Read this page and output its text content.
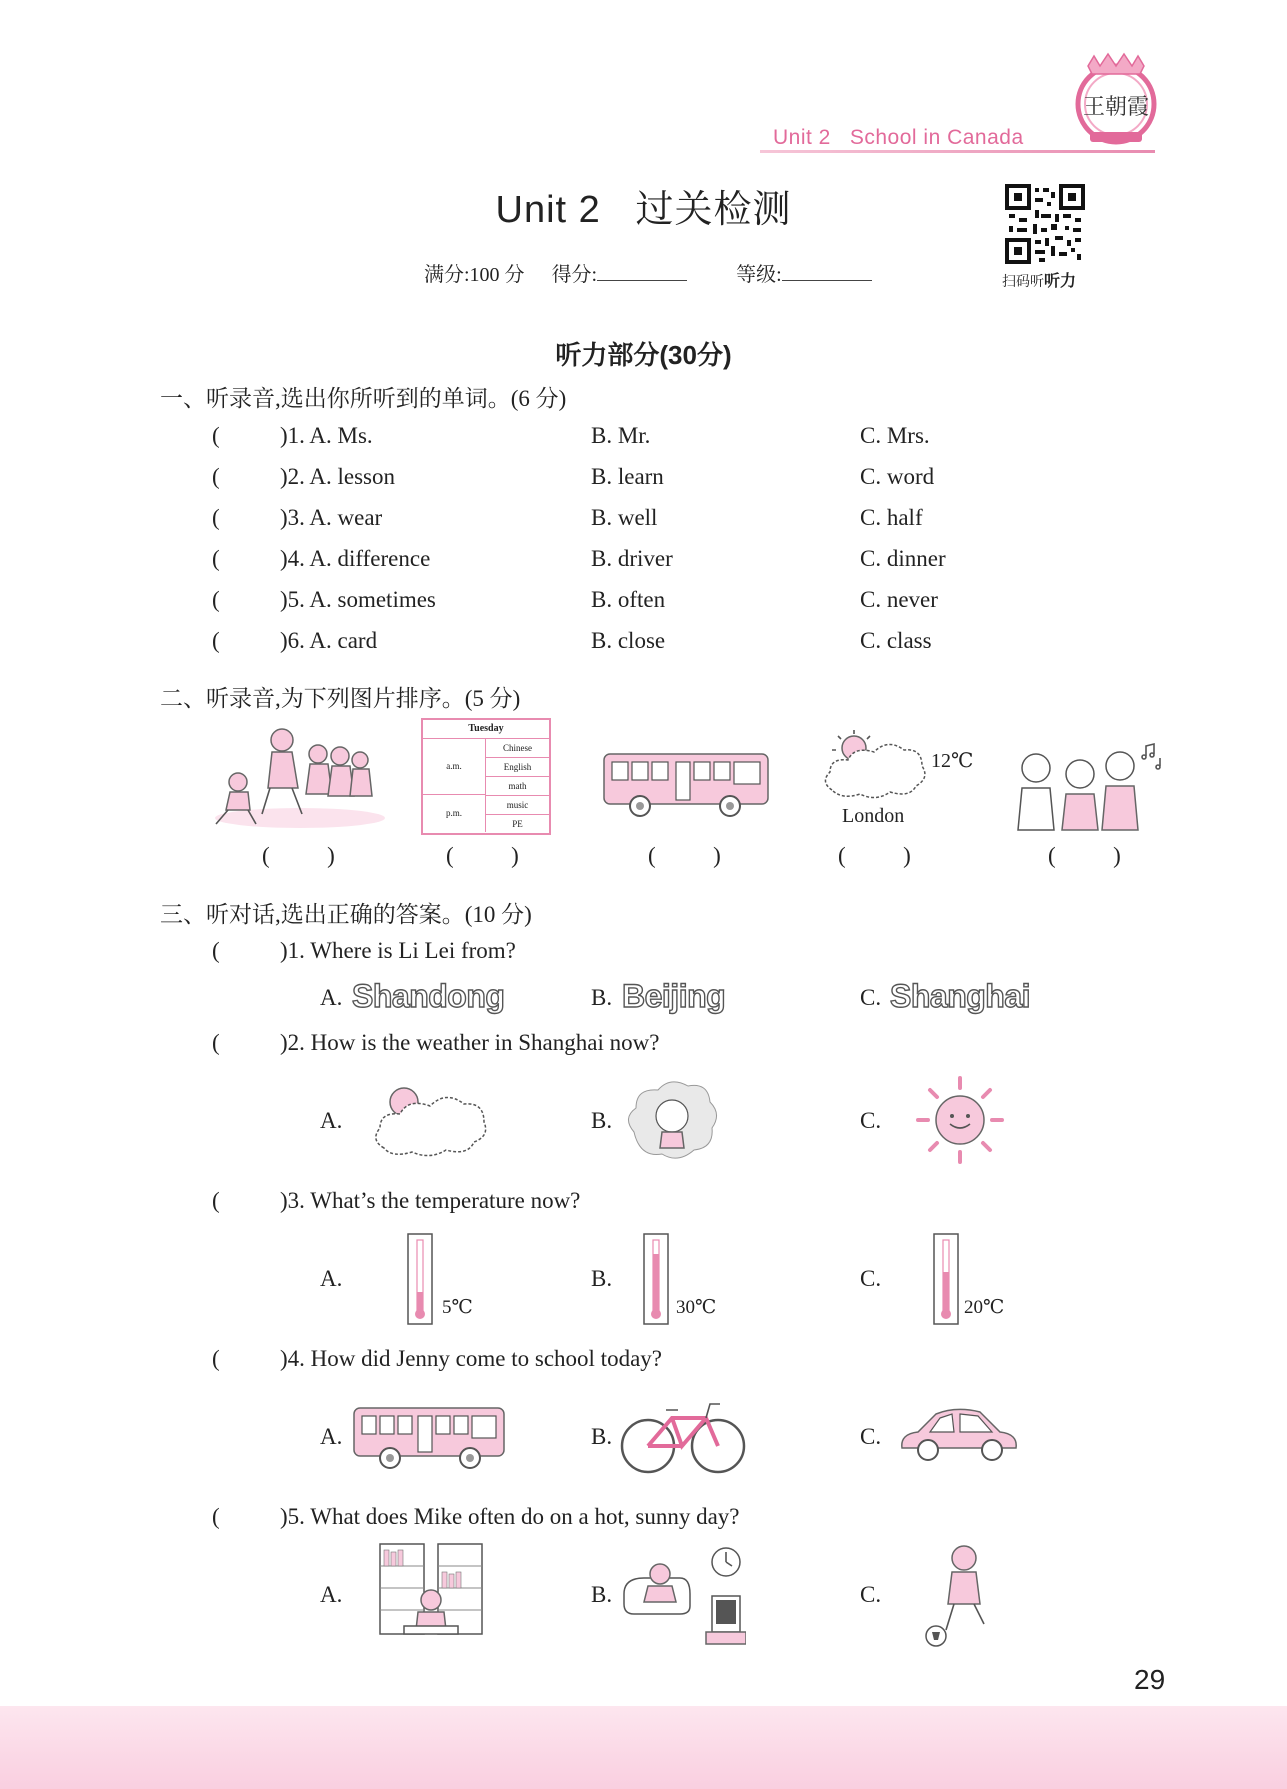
王朝霞
Unit 2   School in Canada
Unit 2   过关检测
满分:100 分 得分:	等级:	扫码听听力
听力部分(30分)
一、听录音,选出你所听到的单词。(6 分)
(	)1. A. Ms.	B. Mr.	C. Mrs.
(	)2. A. lesson	B. learn	C. word
(	)3. A. wear	B. well	C. half
(	)4. A. difference	B. driver	C. dinner
(	)5. A. sometimes	B. often	C. never
(	)6. A. card	B. close	C. class
二、听录音,为下列图片排序。(5 分)
Tuesday
a.m.
p.m.
Chinese
English
math
music
PE
12℃
London
(          )	(          )	(          )	(          )	(          )
三、听对话,选出正确的答案。(10 分)
(	)1. Where is Li Lei from?
A. Shandong	B. Beijing	C. Shanghai
(	)2. How is the weather in Shanghai now?
A.	B.	C.
(	)3. What’s the temperature now?
A.
5℃
B.
30℃
C.
20℃
(	)4. How did Jenny come to school today?
A.	B.	C.
(	)5. What does Mike often do on a hot, sunny day?
A.	B.	C.
29
